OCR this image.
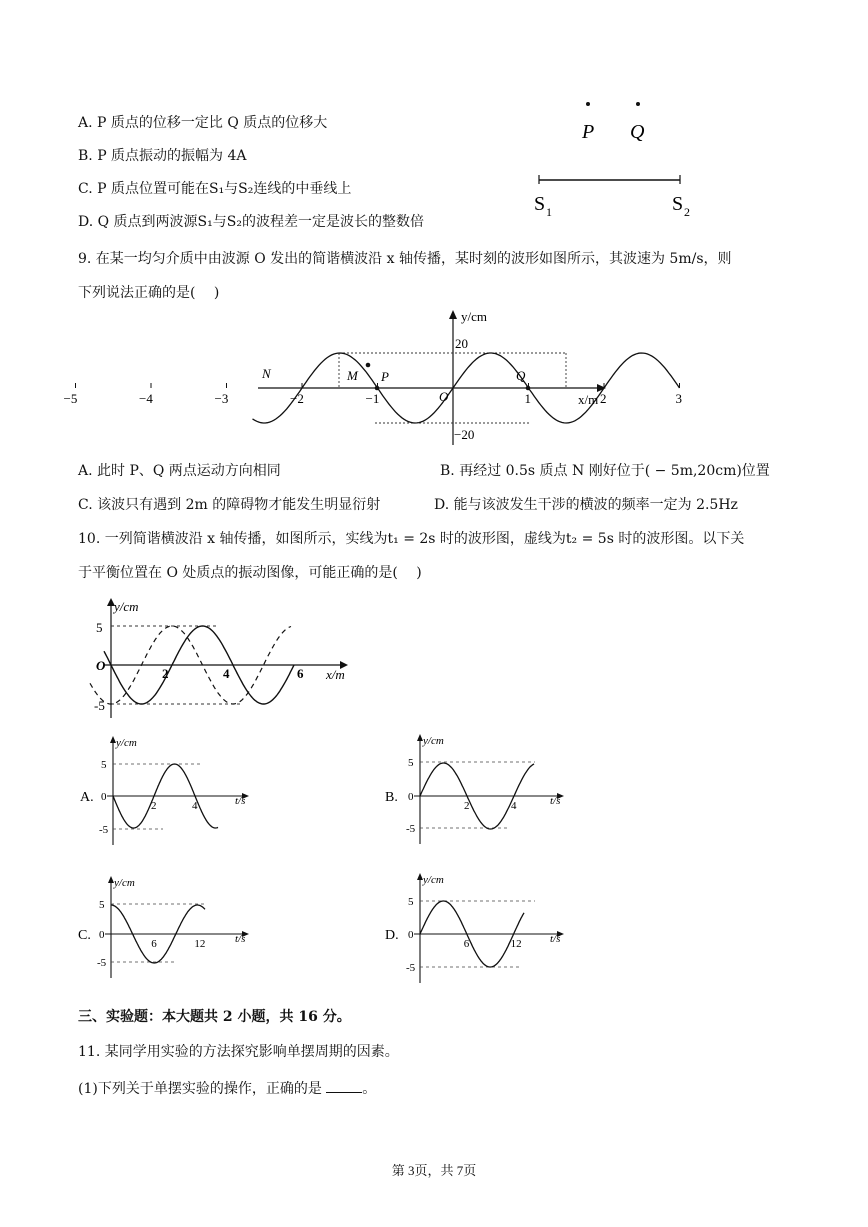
A. P 质点的位移一定比 Q 质点的位移大
B. P 质点振动的振幅为 4A
C. P 质点位置可能在S₁与S₂连线的中垂线上
D. Q 质点到两波源S₁与S₂的波程差一定是波长的整数倍
P Q
S 1	S 2
9. 在某一均匀介质中由波源 O 发出的简谐横波沿 x 轴传播，某时刻的波形如图所示，其波速为 5m/s，则
下列说法正确的是(　 )
y/cm
x/m
20
−20
N	M P	Q
O
−5	−4	−3	−2	−1	1	2	3
A. 此时 P、Q 两点运动方向相同	B. 再经过 0.5s 质点 N 刚好位于( − 5m,20cm)位置
C. 该波只有遇到 2m 的障碍物才能发生明显衍射	D. 能与该波发生干涉的横波的频率一定为 2.5Hz
10. 一列简谐横波沿 x 轴传播，如图所示，实线为t₁ = 2s 时的波形图，虚线为t₂ = 5s 时的波形图。以下关
于平衡位置在 O 处质点的振动图像，可能正确的是(　 )
y/cm
x/m
5
-5
O
2	4	6
A.
y/cm
t/s
5
-5
0
2	4
B.
y/cm
t/s
5
-5
0
2	4
C.
y/cm
t/s
5
-5
0
6	12
D.
y/cm
t/s
5
-5
0
6	12
三、实验题：本大题共 2 小题，共 16 分。
11. 某同学用实验的方法探究影响单摆周期的因素。
(1)下列关于单摆实验的操作，正确的是	。
第 3页，共 7页
